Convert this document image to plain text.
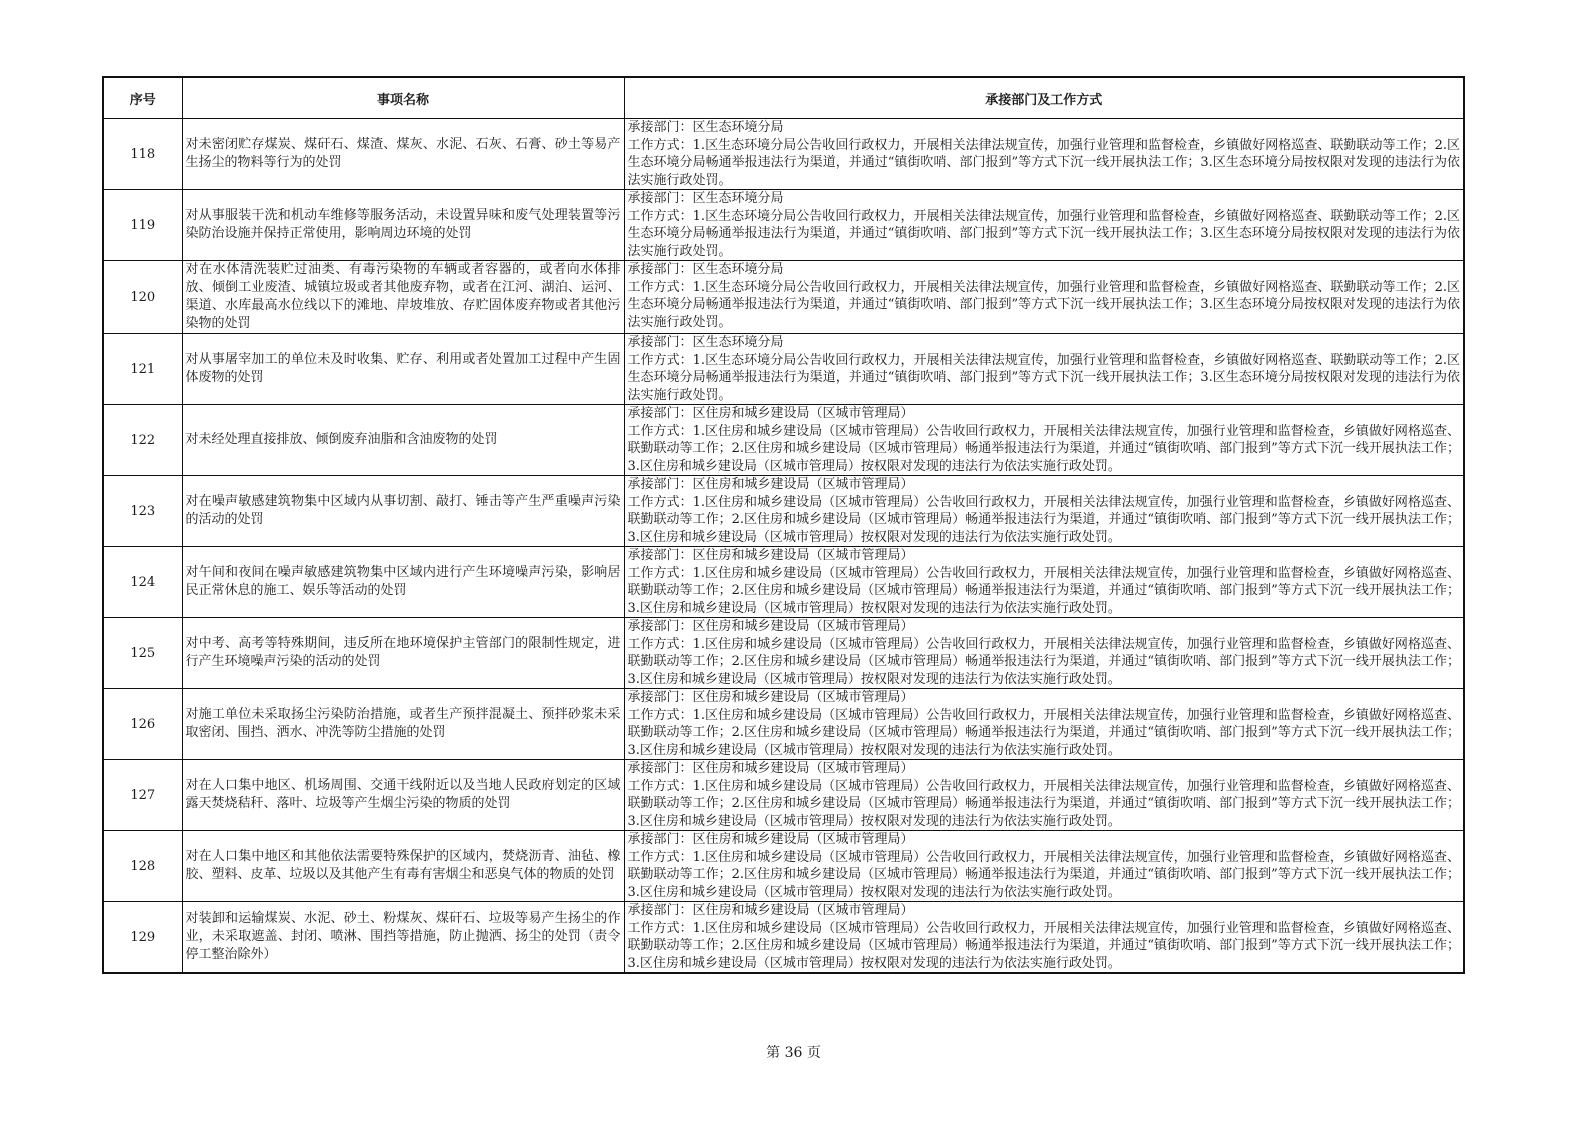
序号	事项名称	承接部门及工作方式
118	对未密闭贮存煤炭、煤矸石、煤渣、煤灰、水泥、石灰、石膏、砂土等易产生扬尘的物料等行为的处罚	承接部门：区生态环境分局
工作方式：1.区生态环境分局公告收回行政权力，开展相关法律法规宣传，加强行业管理和监督检查，乡镇做好网格巡查、联勤联动等工作；2.区生态环境分局畅通举报违法行为渠道，并通过“镇街吹哨、部门报到”等方式下沉一线开展执法工作；3.区生态环境分局按权限对发现的违法行为依法实施行政处罚。

119	对从事服装干洗和机动车维修等服务活动，未设置异味和废气处理装置等污染防治设施并保持正常使用，影响周边环境的处罚	承接部门：区生态环境分局
工作方式：1.区生态环境分局公告收回行政权力，开展相关法律法规宣传，加强行业管理和监督检查，乡镇做好网格巡查、联勤联动等工作；2.区生态环境分局畅通举报违法行为渠道，并通过“镇街吹哨、部门报到”等方式下沉一线开展执法工作；3.区生态环境分局按权限对发现的违法行为依法实施行政处罚。

120	对在水体清洗装贮过油类、有毒污染物的车辆或者容器的，或者向水体排放、倾倒工业废渣、城镇垃圾或者其他废弃物，或者在江河、湖泊、运河、渠道、水库最高水位线以下的滩地、岸坡堆放、存贮固体废弃物或者其他污染物的处罚	承接部门：区生态环境分局
工作方式：1.区生态环境分局公告收回行政权力，开展相关法律法规宣传，加强行业管理和监督检查，乡镇做好网格巡查、联勤联动等工作；2.区生态环境分局畅通举报违法行为渠道，并通过“镇街吹哨、部门报到”等方式下沉一线开展执法工作；3.区生态环境分局按权限对发现的违法行为依法实施行政处罚。

121	对从事屠宰加工的单位未及时收集、贮存、利用或者处置加工过程中产生固体废物的处罚	承接部门：区生态环境分局
工作方式：1.区生态环境分局公告收回行政权力，开展相关法律法规宣传，加强行业管理和监督检查，乡镇做好网格巡查、联勤联动等工作；2.区生态环境分局畅通举报违法行为渠道，并通过“镇街吹哨、部门报到”等方式下沉一线开展执法工作；3.区生态环境分局按权限对发现的违法行为依法实施行政处罚。

122	对未经处理直接排放、倾倒废弃油脂和含油废物的处罚	承接部门：区住房和城乡建设局（区城市管理局）
工作方式：1.区住房和城乡建设局（区城市管理局）公告收回行政权力，开展相关法律法规宣传，加强行业管理和监督检查，乡镇做好网格巡查、联勤联动等工作；2.区住房和城乡建设局（区城市管理局）畅通举报违法行为渠道，并通过“镇街吹哨、部门报到”等方式下沉一线开展执法工作；3.区住房和城乡建设局（区城市管理局）按权限对发现的违法行为依法实施行政处罚。

123	对在噪声敏感建筑物集中区域内从事切割、敲打、锤击等产生严重噪声污染的活动的处罚	承接部门：区住房和城乡建设局（区城市管理局）
工作方式：1.区住房和城乡建设局（区城市管理局）公告收回行政权力，开展相关法律法规宣传，加强行业管理和监督检查，乡镇做好网格巡查、联勤联动等工作；2.区住房和城乡建设局（区城市管理局）畅通举报违法行为渠道，并通过“镇街吹哨、部门报到”等方式下沉一线开展执法工作；3.区住房和城乡建设局（区城市管理局）按权限对发现的违法行为依法实施行政处罚。

124	对午间和夜间在噪声敏感建筑物集中区域内进行产生环境噪声污染，影响居民正常休息的施工、娱乐等活动的处罚	承接部门：区住房和城乡建设局（区城市管理局）
工作方式：1.区住房和城乡建设局（区城市管理局）公告收回行政权力，开展相关法律法规宣传，加强行业管理和监督检查，乡镇做好网格巡查、联勤联动等工作；2.区住房和城乡建设局（区城市管理局）畅通举报违法行为渠道，并通过“镇街吹哨、部门报到”等方式下沉一线开展执法工作；3.区住房和城乡建设局（区城市管理局）按权限对发现的违法行为依法实施行政处罚。

125	对中考、高考等特殊期间，违反所在地环境保护主管部门的限制性规定，进行产生环境噪声污染的活动的处罚	承接部门：区住房和城乡建设局（区城市管理局）
工作方式：1.区住房和城乡建设局（区城市管理局）公告收回行政权力，开展相关法律法规宣传，加强行业管理和监督检查，乡镇做好网格巡查、联勤联动等工作；2.区住房和城乡建设局（区城市管理局）畅通举报违法行为渠道，并通过“镇街吹哨、部门报到”等方式下沉一线开展执法工作；3.区住房和城乡建设局（区城市管理局）按权限对发现的违法行为依法实施行政处罚。

126	对施工单位未采取扬尘污染防治措施，或者生产预拌混凝土、预拌砂浆未采取密闭、围挡、洒水、冲洗等防尘措施的处罚	承接部门：区住房和城乡建设局（区城市管理局）
工作方式：1.区住房和城乡建设局（区城市管理局）公告收回行政权力，开展相关法律法规宣传，加强行业管理和监督检查，乡镇做好网格巡查、联勤联动等工作；2.区住房和城乡建设局（区城市管理局）畅通举报违法行为渠道，并通过“镇街吹哨、部门报到”等方式下沉一线开展执法工作；3.区住房和城乡建设局（区城市管理局）按权限对发现的违法行为依法实施行政处罚。

127	对在人口集中地区、机场周围、交通干线附近以及当地人民政府划定的区域露天焚烧秸秆、落叶、垃圾等产生烟尘污染的物质的处罚	承接部门：区住房和城乡建设局（区城市管理局）
工作方式：1.区住房和城乡建设局（区城市管理局）公告收回行政权力，开展相关法律法规宣传，加强行业管理和监督检查，乡镇做好网格巡查、联勤联动等工作；2.区住房和城乡建设局（区城市管理局）畅通举报违法行为渠道，并通过“镇街吹哨、部门报到”等方式下沉一线开展执法工作；3.区住房和城乡建设局（区城市管理局）按权限对发现的违法行为依法实施行政处罚。

128	对在人口集中地区和其他依法需要特殊保护的区域内，焚烧沥青、油毡、橡胶、塑料、皮革、垃圾以及其他产生有毒有害烟尘和恶臭气体的物质的处罚	承接部门：区住房和城乡建设局（区城市管理局）
工作方式：1.区住房和城乡建设局（区城市管理局）公告收回行政权力，开展相关法律法规宣传，加强行业管理和监督检查，乡镇做好网格巡查、联勤联动等工作；2.区住房和城乡建设局（区城市管理局）畅通举报违法行为渠道，并通过“镇街吹哨、部门报到”等方式下沉一线开展执法工作；3.区住房和城乡建设局（区城市管理局）按权限对发现的违法行为依法实施行政处罚。

129	对装卸和运输煤炭、水泥、砂土、粉煤灰、煤矸石、垃圾等易产生扬尘的作业，未采取遮盖、封闭、喷淋、围挡等措施，防止抛洒、扬尘的处罚（责令停工整治除外）	承接部门：区住房和城乡建设局（区城市管理局）
工作方式：1.区住房和城乡建设局（区城市管理局）公告收回行政权力，开展相关法律法规宣传，加强行业管理和监督检查，乡镇做好网格巡查、联勤联动等工作；2.区住房和城乡建设局（区城市管理局）畅通举报违法行为渠道，并通过“镇街吹哨、部门报到”等方式下沉一线开展执法工作；3.区住房和城乡建设局（区城市管理局）按权限对发现的违法行为依法实施行政处罚。
第 36 页
